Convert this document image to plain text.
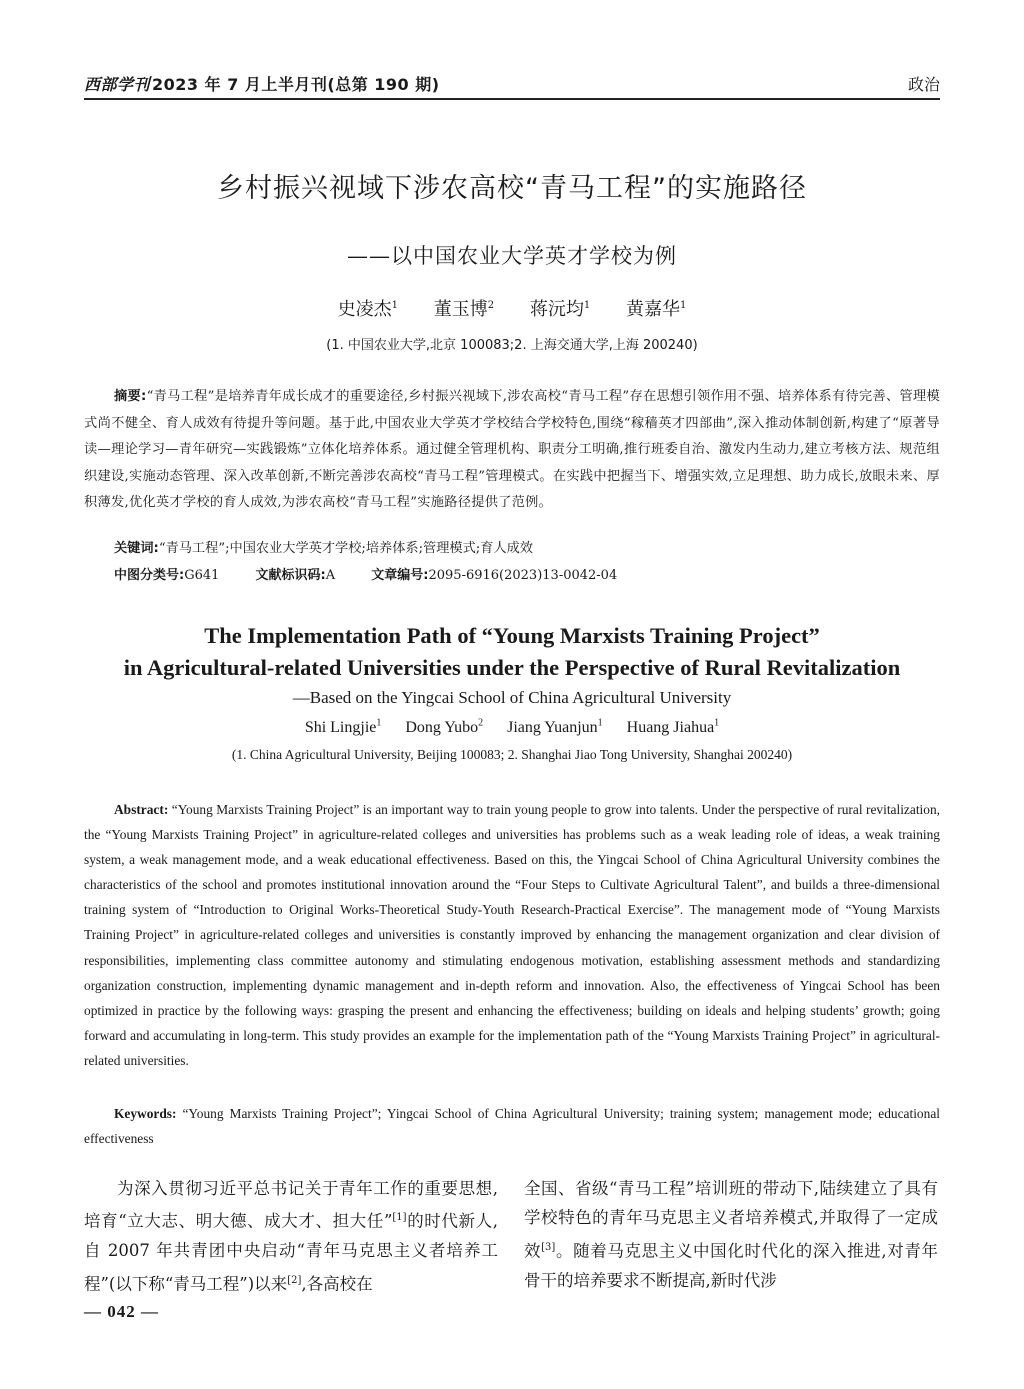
西部学刊 2023 年 7 月上半月刊(总第 190 期)	政治
乡村振兴视域下涉农高校“青马工程”的实施路径
——以中国农业大学英才学校为例
史凌杰$^1$ 董玉博$^2$ 蒋沅均$^1$ 黄嘉华$^1$
(1. 中国农业大学,北京 100083;2. 上海交通大学,上海 200240)
摘要:“青马工程”是培养青年成长成才的重要途径,乡村振兴视域下,涉农高校“青马工程”存在思想引领作用不强、培养体系有待完善、管理模式尚不健全、育人成效有待提升等问题。基于此,中国农业大学英才学校结合学校特色,围绕“稼穑英才四部曲”,深入推动体制创新,构建了“原著导读—理论学习—青年研究—实践锻炼”立体化培养体系。通过健全管理机构、职责分工明确,推行班委自治、激发内生动力,建立考核方法、规范组织建设,实施动态管理、深入改革创新,不断完善涉农高校“青马工程”管理模式。在实践中把握当下、增强实效,立足理想、助力成长,放眼未来、厚积薄发,优化英才学校的育人成效,为涉农高校“青马工程”实施路径提供了范例。
关键词:“青马工程”;中国农业大学英才学校;培养体系;管理模式;育人成效
中图分类号:G641	文献标识码:A	文章编号:2095-6916(2023)13-0042-04
The Implementation Path of “Young Marxists Training Project”
in Agricultural-related Universities under the Perspective of Rural Revitalization
—Based on the Yingcai School of China Agricultural University
Shi Lingjie$^1$ Dong Yubo$^2$ Jiang Yuanjun$^1$ Huang Jiahua$^1$
(1. China Agricultural University, Beijing 100083; 2. Shanghai Jiao Tong University, Shanghai 200240)
Abstract: “Young Marxists Training Project” is an important way to train young people to grow into talents. Under the perspective of rural revitalization, the “Young Marxists Training Project” in agriculture-related colleges and universities has problems such as a weak leading role of ideas, a weak training system, a weak management mode, and a weak educational effectiveness. Based on this, the Yingcai School of China Agricultural University combines the characteristics of the school and promotes institutional innovation around the “Four Steps to Cultivate Agricultural Talent”, and builds a three-dimensional training system of “Introduction to Original Works-Theoretical Study-Youth Research-Practical Exercise”. The management mode of “Young Marxists Training Project” in agriculture-related colleges and universities is constantly improved by enhancing the management organization and clear division of responsibilities, implementing class committee autonomy and stimulating endogenous motivation, establishing assessment methods and standardizing organization construction, implementing dynamic management and in-depth reform and innovation. Also, the effectiveness of Yingcai School has been optimized in practice by the following ways: grasping the present and enhancing the effectiveness; building on ideals and helping students’ growth; going forward and accumulating in long-term. This study provides an example for the implementation path of the “Young Marxists Training Project” in agricultural-related universities.
Keywords: “Young Marxists Training Project”; Yingcai School of China Agricultural University; training system; management mode; educational effectiveness
为深入贯彻习近平总书记关于青年工作的重要思想,培育“立大志、明大德、成大才、担大任”[1]的时代新人,自 2007 年共青团中央启动“青年马克思主义者培养工程”(以下称“青马工程”)以来[2],各高校在
全国、省级“青马工程”培训班的带动下,陆续建立了具有学校特色的青年马克思主义者培养模式,并取得了一定成效[3]。随着马克思主义中国化时代化的深入推进,对青年骨干的培养要求不断提高,新时代涉
— 042 —
